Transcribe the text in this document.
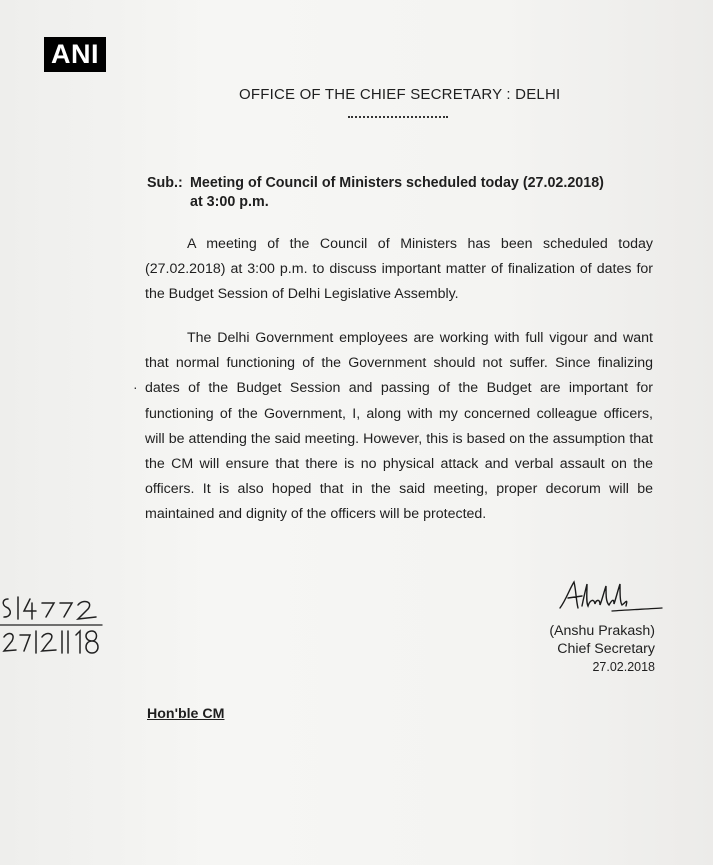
ANI
OFFICE OF THE CHIEF SECRETARY : DELHI
Sub.: Meeting of Council of Ministers scheduled today (27.02.2018)
at 3:00 p.m.
A meeting of the Council of Ministers has been scheduled today (27.02.2018) at 3:00 p.m. to discuss important matter of finalization of dates for the Budget Session of Delhi Legislative Assembly.
The Delhi Government employees are working with full vigour and want that normal functioning of the Government should not suffer. Since finalizing dates of the Budget Session and passing of the Budget are important for functioning of the Government, I, along with my concerned colleague officers, will be attending the said meeting. However, this is based on the assumption that the CM will ensure that there is no physical attack and verbal assault on the officers. It is also hoped that in the said meeting, proper decorum will be maintained and dignity of the officers will be protected.
·
(Anshu Prakash)
Chief Secretary
27.02.2018
Hon'ble CM
